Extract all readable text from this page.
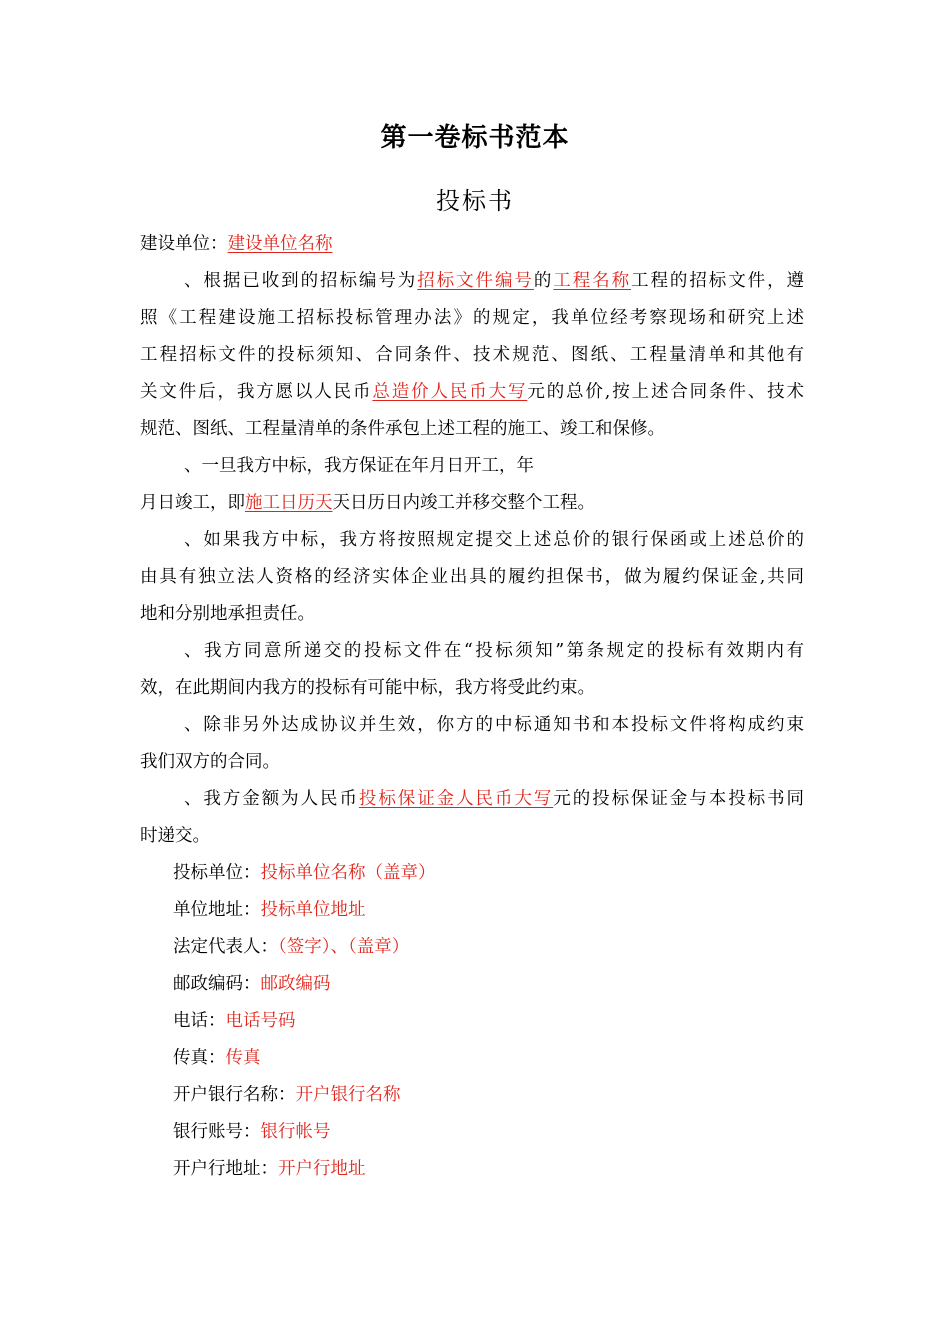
第一卷标书范本
投标书
建设单位：建设单位名称
、根据已收到的招标编号为招标文件编号的工程名称工程的招标文件，遵
照《工程建设施工招标投标管理办法》的规定，我单位经考察现场和研究上述
工程招标文件的投标须知、合同条件、技术规范、图纸、工程量清单和其他有
关文件后，我方愿以人民币总造价人民币大写元的总价,按上述合同条件、技术
规范、图纸、工程量清单的条件承包上述工程的施工、竣工和保修。
、一旦我方中标，我方保证在年月日开工，年
月日竣工，即施工日历天天日历日内竣工并移交整个工程。
、如果我方中标，我方将按照规定提交上述总价的银行保函或上述总价的
由具有独立法人资格的经济实体企业出具的履约担保书，做为履约保证金,共同
地和分别地承担责任。
、我方同意所递交的投标文件在“投标须知”第条规定的投标有效期内有
效，在此期间内我方的投标有可能中标，我方将受此约束。
、除非另外达成协议并生效，你方的中标通知书和本投标文件将构成约束
我们双方的合同。
、我方金额为人民币投标保证金人民币大写元的投标保证金与本投标书同
时递交。
投标单位：投标单位名称（盖章）
单位地址：投标单位地址
法定代表人：（签字）、（盖章）
邮政编码：邮政编码
电话：电话号码
传真：传真
开户银行名称：开户银行名称
银行账号：银行帐号
开户行地址：开户行地址
